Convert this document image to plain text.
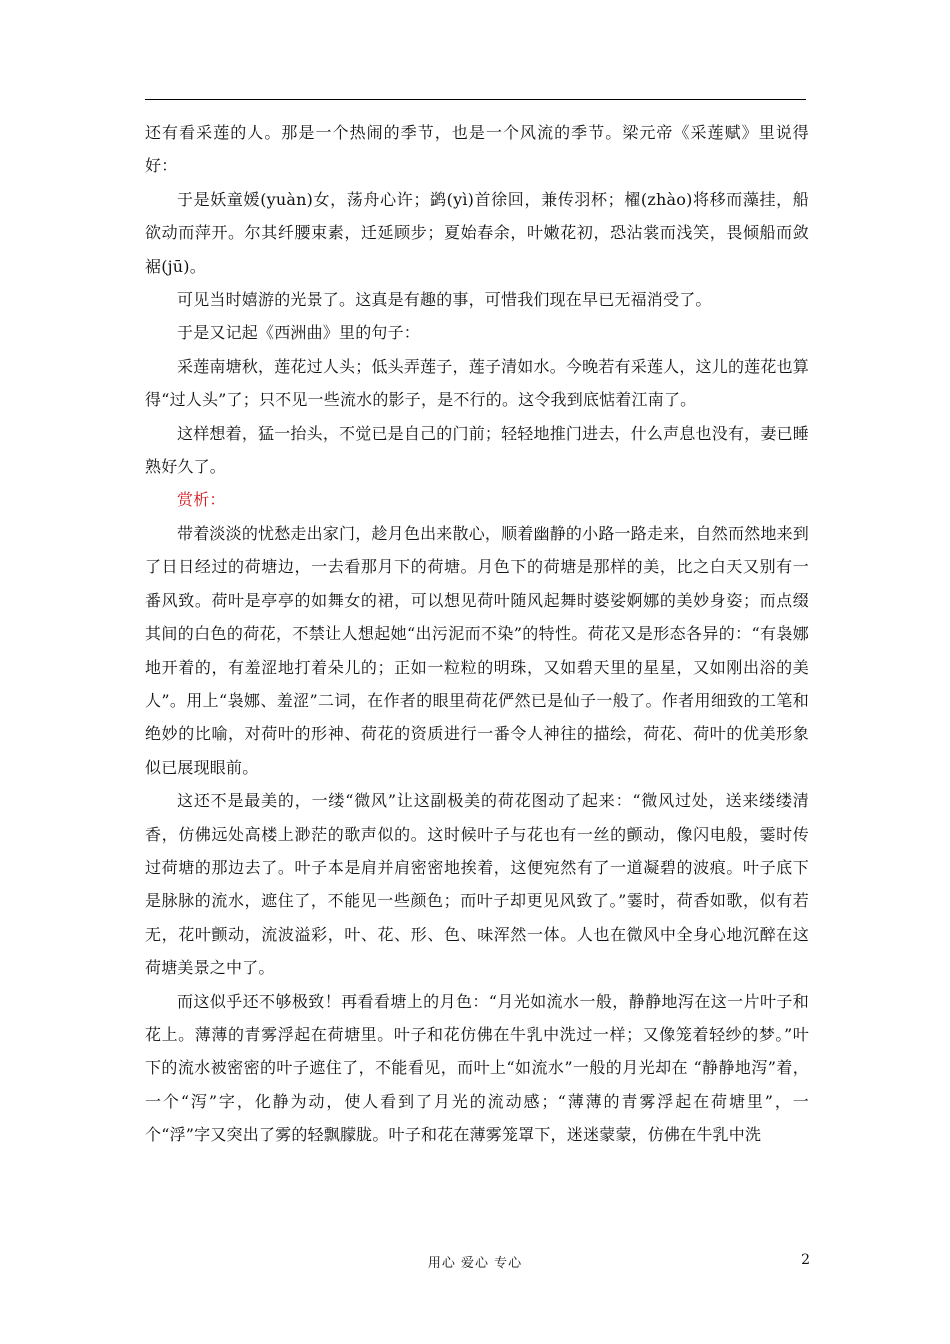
还有看采莲的人。那是一个热闹的季节，也是一个风流的季节。梁元帝《采莲赋》里说得好：

于是妖童媛(yuàn)女，荡舟心许；鹢(yì)首徐回，兼传羽杯；櫂(zhào)将移而藻挂，船欲动而萍开。尔其纤腰束素，迁延顾步；夏始春余，叶嫩花初，恐沾裳而浅笑，畏倾船而敛裾(jū)。

可见当时嬉游的光景了。这真是有趣的事，可惜我们现在早已无福消受了。

于是又记起《西洲曲》里的句子：

采莲南塘秋，莲花过人头；低头弄莲子，莲子清如水。今晚若有采莲人，这儿的莲花也算得“过人头”了；只不见一些流水的影子，是不行的。这令我到底惦着江南了。

这样想着，猛一抬头，不觉已是自己的门前；轻轻地推门进去，什么声息也没有，妻已睡熟好久了。

赏析：

带着淡淡的忧愁走出家门，趁月色出来散心，顺着幽静的小路一路走来，自然而然地来到了日日经过的荷塘边，一去看那月下的荷塘。月色下的荷塘是那样的美，比之白天又别有一番风致。荷叶是亭亭的如舞女的裙，可以想见荷叶随风起舞时婆娑婀娜的美妙身姿；而点缀其间的白色的荷花，不禁让人想起她“出污泥而不染”的特性。荷花又是形态各异的：“有袅娜地开着的，有羞涩地打着朵儿的；正如一粒粒的明珠，又如碧天里的星星，又如刚出浴的美人”。用上“袅娜、羞涩”二词，在作者的眼里荷花俨然已是仙子一般了。作者用细致的工笔和绝妙的比喻，对荷叶的形神、荷花的资质进行一番令人神往的描绘，荷花、荷叶的优美形象似已展现眼前。

这还不是最美的，一缕“微风”让这副极美的荷花图动了起来：“微风过处，送来缕缕清香，仿佛远处高楼上渺茫的歌声似的。这时候叶子与花也有一丝的颤动，像闪电般，霎时传过荷塘的那边去了。叶子本是肩并肩密密地挨着，这便宛然有了一道凝碧的波痕。叶子底下是脉脉的流水，遮住了，不能见一些颜色；而叶子却更见风致了。”霎时，荷香如歌，似有若无，花叶颤动，流波溢彩，叶、花、形、色、味浑然一体。人也在微风中全身心地沉醉在这荷塘美景之中了。

而这似乎还不够极致！再看看塘上的月色：“月光如流水一般，静静地泻在这一片叶子和花上。薄薄的青雾浮起在荷塘里。叶子和花仿佛在牛乳中洗过一样；又像笼着轻纱的梦。”叶下的流水被密密的叶子遮住了，不能看见，而叶上“如流水”一般的月光却在 “静静地泻”着，一个“泻”字，化静为动，使人看到了月光的流动感；“薄薄的青雾浮起在荷塘里”，一个“浮”字又突出了雾的轻飘朦胧。叶子和花在薄雾笼罩下，迷迷蒙蒙，仿佛在牛乳中洗

用心 爱心 专心	2
